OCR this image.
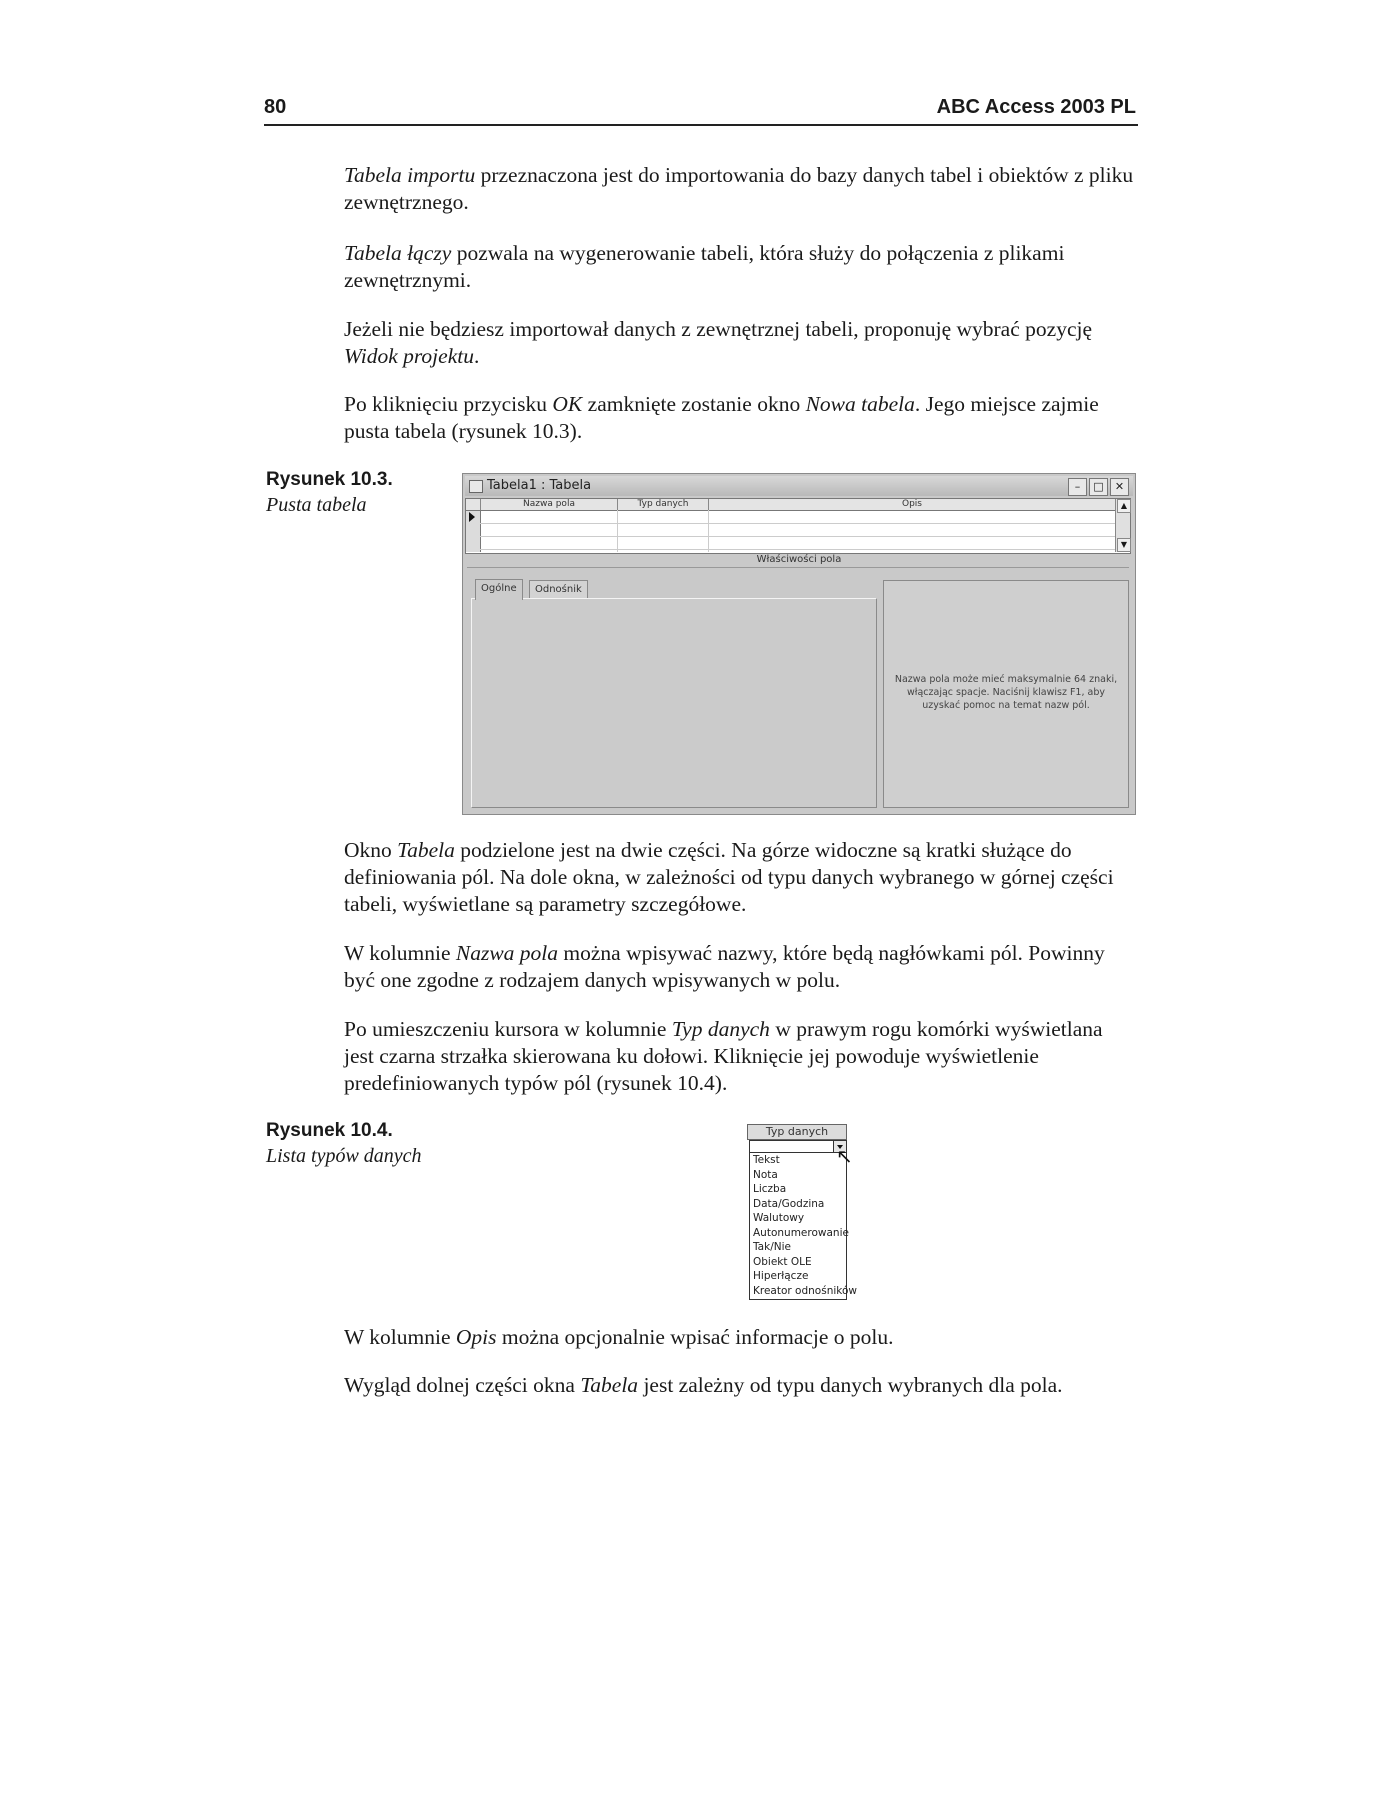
80	ABC Access 2003 PL

Tabela importu przeznaczona jest do importowania do bazy danych tabel i obiektów z pliku zewnętrznego.

Tabela łączy pozwala na wygenerowanie tabeli, która służy do połączenia z plikami zewnętrznymi.

Jeżeli nie będziesz importował danych z zewnętrznej tabeli, proponuję wybrać pozycję Widok projektu.

Po kliknięciu przycisku OK zamknięte zostanie okno Nowa tabela. Jego miejsce zajmie pusta tabela (rysunek 10.3).

Rysunek 10.3.
Pusta tabela
Tabela1 : Tabela	–	□	✕
Nazwa pola	Typ danych	Opis	▲
▼
Właściwości pola
Ogólne	Odnośnik
Nazwa pola może mieć maksymalnie 64 znaki, włączając spacje. Naciśnij klawisz F1, aby uzyskać pomoc na temat nazw pól.

Okno Tabela podzielone jest na dwie części. Na górze widoczne są kratki służące do definiowania pól. Na dole okna, w zależności od typu danych wybranego w górnej części tabeli, wyświetlane są parametry szczegółowe.

W kolumnie Nazwa pola można wpisywać nazwy, które będą nagłówkami pól. Powinny być one zgodne z rodzajem danych wpisywanych w polu.

Po umieszczeniu kursora w kolumnie Typ danych w prawym rogu komórki wyświetlana jest czarna strzałka skierowana ku dołowi. Kliknięcie jej powoduje wyświetlenie predefiniowanych typów pól (rysunek 10.4).

Rysunek 10.4.
Lista typów danych
Typ danych
Tekst
Nota
Liczba
Data/Godzina
Walutowy
Autonumerowanie
Tak/Nie
Obiekt OLE
Hiperłącze
Kreator odnośników
↖

W kolumnie Opis można opcjonalnie wpisać informacje o polu.

Wygląd dolnej części okna Tabela jest zależny od typu danych wybranych dla pola.
